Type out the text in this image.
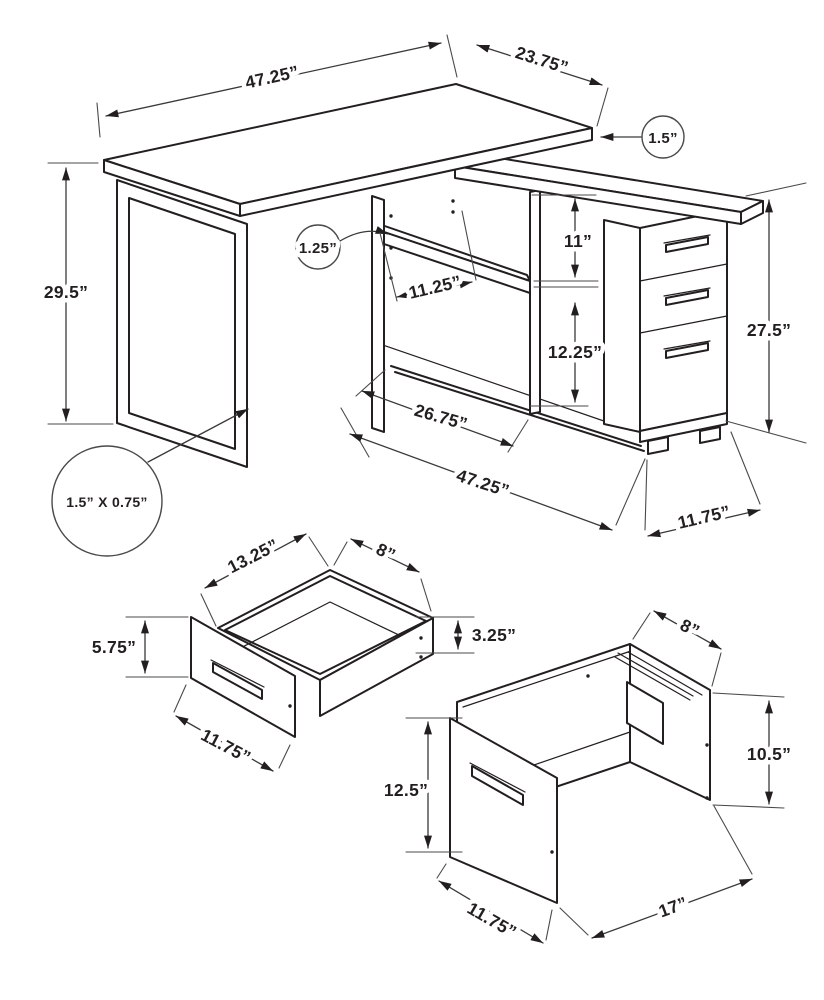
47.25”	23.75”
1.5”
29.5”
1.25”
11.25”
11”
12.25”
26.75”
47.25”
11.75”
27.5”
1.5” X 0.75”
13.25”	8”
5.75”
3.25”
11.75”
8”
10.5”
12.5”
17”
11.75”
